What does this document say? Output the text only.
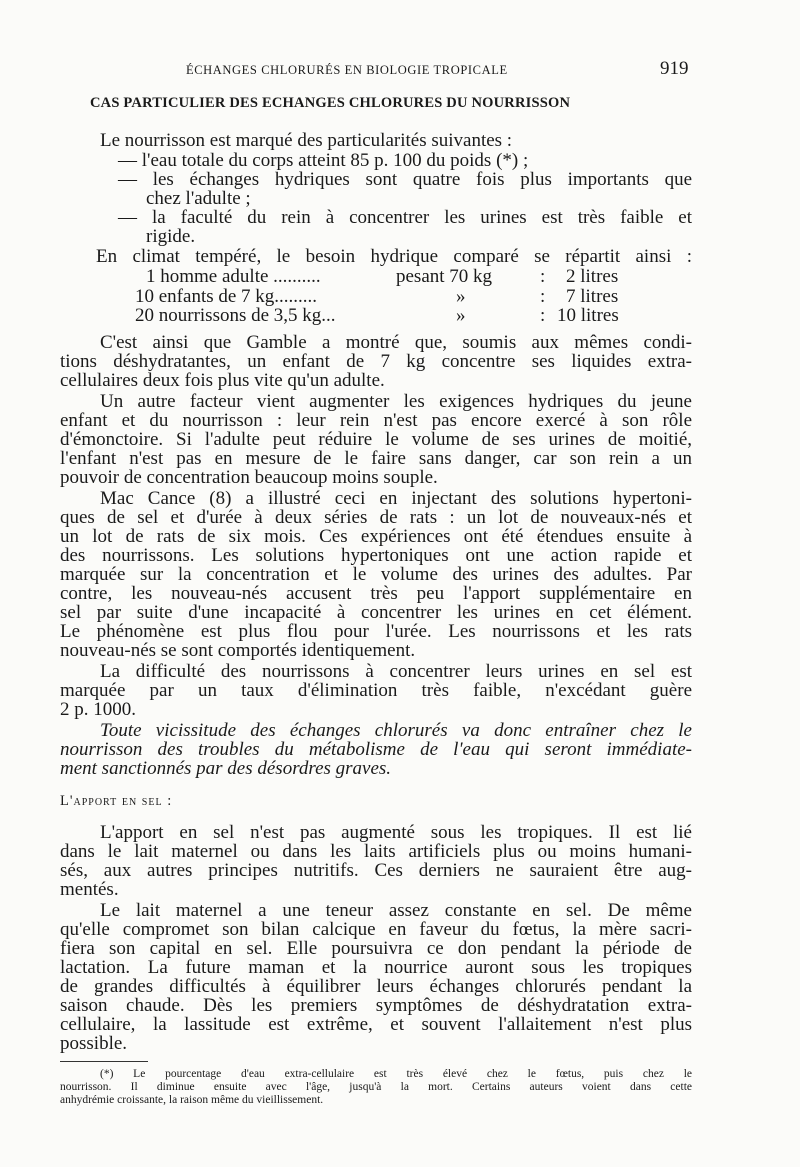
ÉCHANGES CHLORURÉS EN BIOLOGIE TROPICALE	919
CAS PARTICULIER DES ECHANGES CHLORURES DU NOURRISSON
Le nourrisson est marqué des particularités suivantes :
— l'eau totale du corps atteint 85 p. 100 du poids (*) ;
— les échanges hydriques sont quatre fois plus importants que
chez l'adulte ;
— la faculté du rein à concentrer les urines est très faible et
rigide.
En climat tempéré, le besoin hydrique comparé se répartit ainsi :
1 homme adulte ..........	pesant 70 kg	: 2 litres
10 enfants de 7 kg.........	»	: 7 litres
20 nourrissons de 3,5 kg...	»	: 10 litres
C'est ainsi que Gamble a montré que, soumis aux mêmes condi-
tions déshydratantes, un enfant de 7 kg concentre ses liquides extra-
cellulaires deux fois plus vite qu'un adulte.
Un autre facteur vient augmenter les exigences hydriques du jeune
enfant et du nourrisson : leur rein n'est pas encore exercé à son rôle
d'émonctoire. Si l'adulte peut réduire le volume de ses urines de moitié,
l'enfant n'est pas en mesure de le faire sans danger, car son rein a un
pouvoir de concentration beaucoup moins souple.
Mac Cance (8) a illustré ceci en injectant des solutions hypertoni-
ques de sel et d'urée à deux séries de rats : un lot de nouveaux-nés et
un lot de rats de six mois. Ces expériences ont été étendues ensuite à
des nourrissons. Les solutions hypertoniques ont une action rapide et
marquée sur la concentration et le volume des urines des adultes. Par
contre, les nouveau-nés accusent très peu l'apport supplémentaire en
sel par suite d'une incapacité à concentrer les urines en cet élément.
Le phénomène est plus flou pour l'urée. Les nourrissons et les rats
nouveau-nés se sont comportés identiquement.
La difficulté des nourrissons à concentrer leurs urines en sel est
marquée par un taux d'élimination très faible, n'excédant guère
2 p. 1000.
Toute vicissitude des échanges chlorurés va donc entraîner chez le
nourrisson des troubles du métabolisme de l'eau qui seront immédiate-
ment sanctionnés par des désordres graves.
L'apport en sel :
L'apport en sel n'est pas augmenté sous les tropiques. Il est lié
dans le lait maternel ou dans les laits artificiels plus ou moins humani-
sés, aux autres principes nutritifs. Ces derniers ne sauraient être aug-
mentés.
Le lait maternel a une teneur assez constante en sel. De même
qu'elle compromet son bilan calcique en faveur du fœtus, la mère sacri-
fiera son capital en sel. Elle poursuivra ce don pendant la période de
lactation. La future maman et la nourrice auront sous les tropiques
de grandes difficultés à équilibrer leurs échanges chlorurés pendant la
saison chaude. Dès les premiers symptômes de déshydratation extra-
cellulaire, la lassitude est extrême, et souvent l'allaitement n'est plus
possible.
(*) Le pourcentage d'eau extra-cellulaire est très élevé chez le fœtus, puis chez le
nourrisson. Il diminue ensuite avec l'âge, jusqu'à la mort. Certains auteurs voient dans cette
anhydrémie croissante, la raison même du vieillissement.
